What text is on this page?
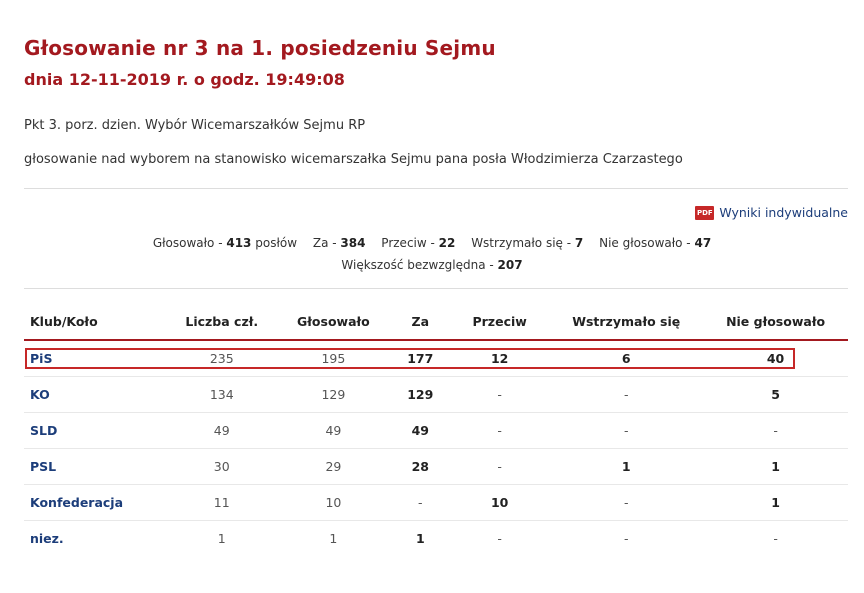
Głosowanie nr 3 na 1. posiedzeniu Sejmu
dnia 12-11-2019 r. o godz. 19:49:08
Pkt 3. porz. dzien. Wybór Wicemarszałków Sejmu RP
głosowanie nad wyborem na stanowisko wicemarszałka Sejmu pana posła Włodzimierza Czarzastego
PDF Wyniki indywidualne
Głosowało - 413 posłów Za - 384 Przeciw - 22 Wstrzymało się - 7 Nie głosowało - 47
Większość bezwzględna - 207
Klub/Koło	Liczba czł.	Głosowało	Za	Przeciw	Wstrzymało się	Nie głosowało
PiS	235	195	177	12	6	40
KO	134	129	129	-	-	5
SLD	49	49	49	-	-	-
PSL	30	29	28	-	1	1
Konfederacja	11	10	-	10	-	1
niez.	1	1	1	-	-	-
